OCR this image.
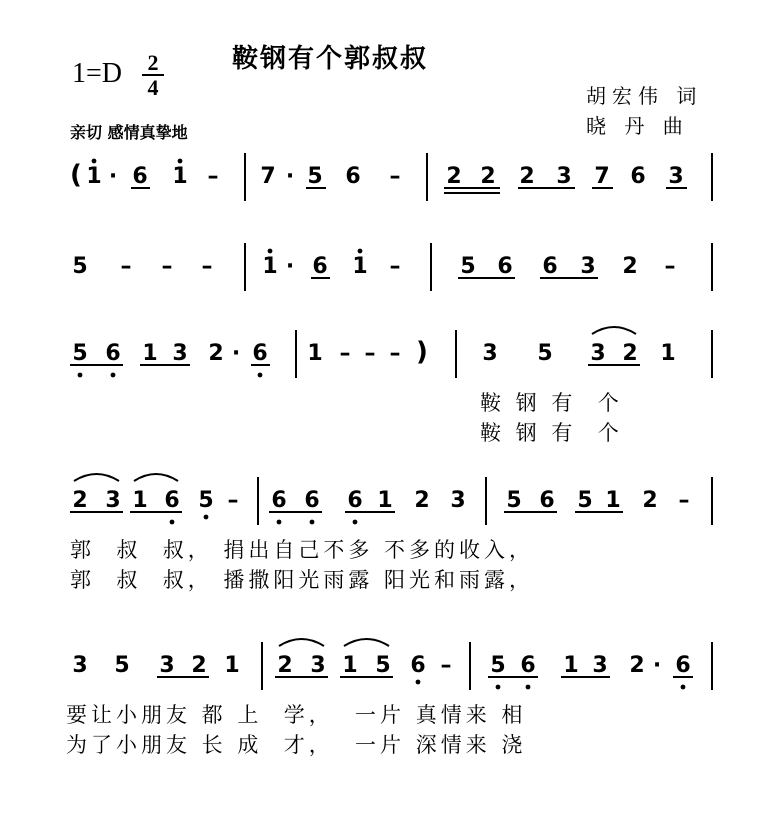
鞍钢有个郭叔叔
1=D 2
4	胡宏伟 词
晓 丹 曲
亲切 感情真挚地
( 1 · 6 1 – 7 · 5 6 – 2 2 2 3 7 6 3
5 – – – 1 · 6 1 –	5 6 6 3 2 –
5 6 1 3 2 · 6 1 – – – ) 3 5 3 2 1
鞍 钢 有  个
鞍 钢 有  个
2 3 1 6 5 – 6 6 6 1 2 3 5 6 5 1 2 –
郭  叔  叔， 捐出自己不多 不多的收入，
郭  叔  叔， 播撒阳光雨露 阳光和雨露，
3 5 3 2 1 2 3 1 5 6 – 5 6 1 3 2 · 6
要让小朋友 都 上  学，  一片 真情来 相
为了小朋友 长 成  才，  一片 深情来 浇
